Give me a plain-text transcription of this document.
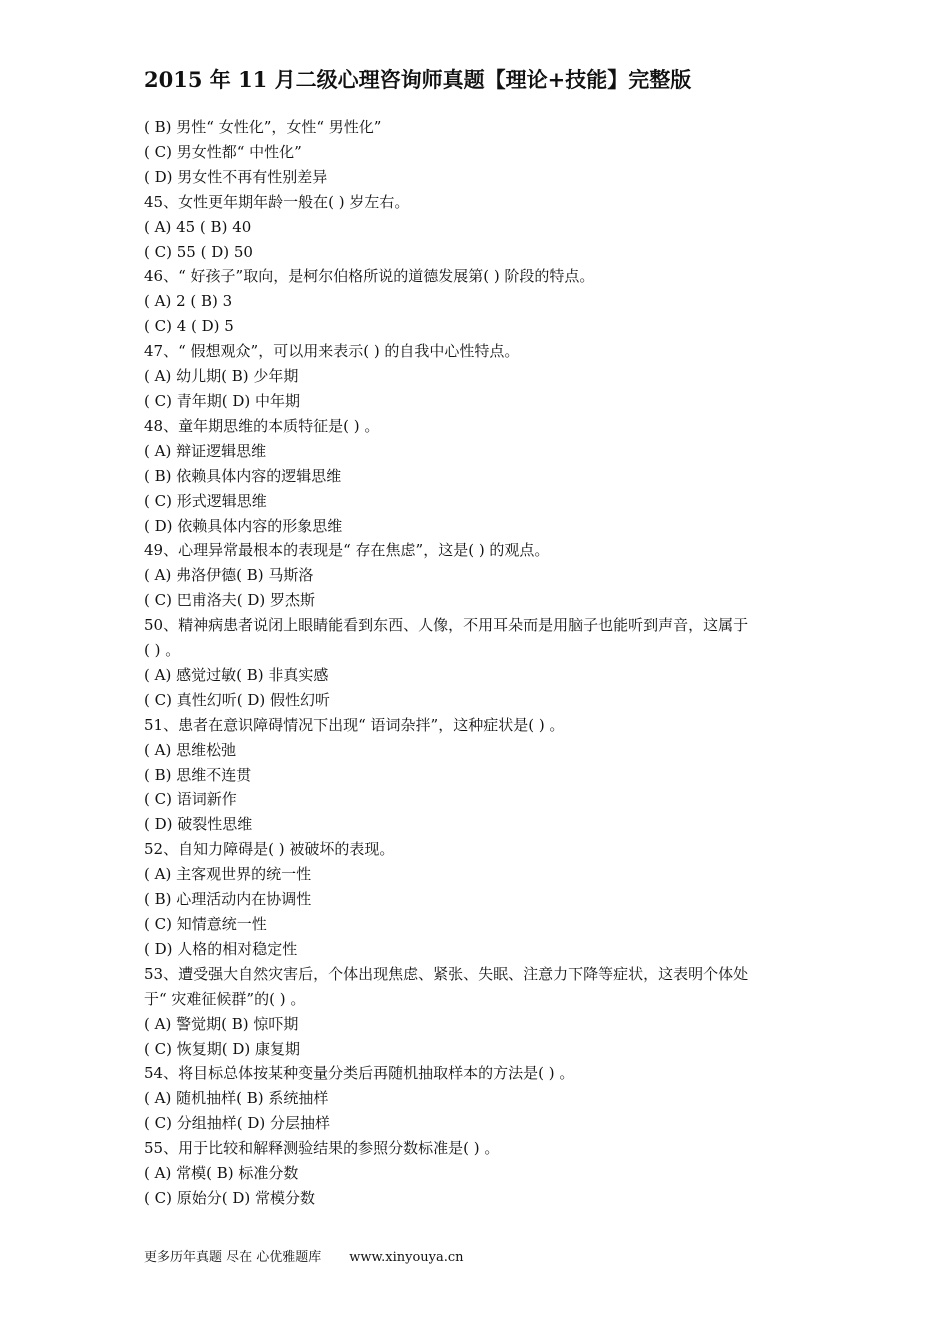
2015 年 11 月二级心理咨询师真题【理论+技能】完整版
( B) 男性“ 女性化”，女性“ 男性化”
( C) 男女性都“ 中性化”
( D) 男女性不再有性别差异
45、女性更年期年龄一般在( ) 岁左右。
( A) 45 ( B) 40
( C) 55 ( D) 50
46、“ 好孩子”取向，是柯尔伯格所说的道德发展第( ) 阶段的特点。
( A) 2 ( B) 3
( C) 4 ( D) 5
47、“ 假想观众”，可以用来表示( ) 的自我中心性特点。
( A) 幼儿期( B) 少年期
( C) 青年期( D) 中年期
48、童年期思维的本质特征是( ) 。
( A) 辩证逻辑思维
( B) 依赖具体内容的逻辑思维
( C) 形式逻辑思维
( D) 依赖具体内容的形象思维
49、心理异常最根本的表现是“ 存在焦虑”，这是( ) 的观点。
( A) 弗洛伊德( B) 马斯洛
( C) 巴甫洛夫( D) 罗杰斯
50、精神病患者说闭上眼睛能看到东西、人像，不用耳朵而是用脑子也能听到声音，这属于
( ) 。
( A) 感觉过敏( B) 非真实感
( C) 真性幻听( D) 假性幻听
51、患者在意识障碍情况下出现“ 语词杂拌”，这种症状是( ) 。
( A) 思维松弛
( B) 思维不连贯
( C) 语词新作
( D) 破裂性思维
52、自知力障碍是( ) 被破坏的表现。
( A) 主客观世界的统一性
( B) 心理活动内在协调性
( C) 知情意统一性
( D) 人格的相对稳定性
53、遭受强大自然灾害后，个体出现焦虑、紧张、失眠、注意力下降等症状，这表明个体处
于“ 灾难征候群”的( ) 。
( A) 警觉期( B) 惊吓期
( C) 恢复期( D) 康复期
54、将目标总体按某种变量分类后再随机抽取样本的方法是( ) 。
( A) 随机抽样( B) 系统抽样
( C) 分组抽样( D) 分层抽样
55、用于比较和解释测验结果的参照分数标准是( ) 。
( A) 常模( B) 标准分数
( C) 原始分( D) 常模分数
更多历年真题 尽在 心优雅题库 www.xinyouya.cn
